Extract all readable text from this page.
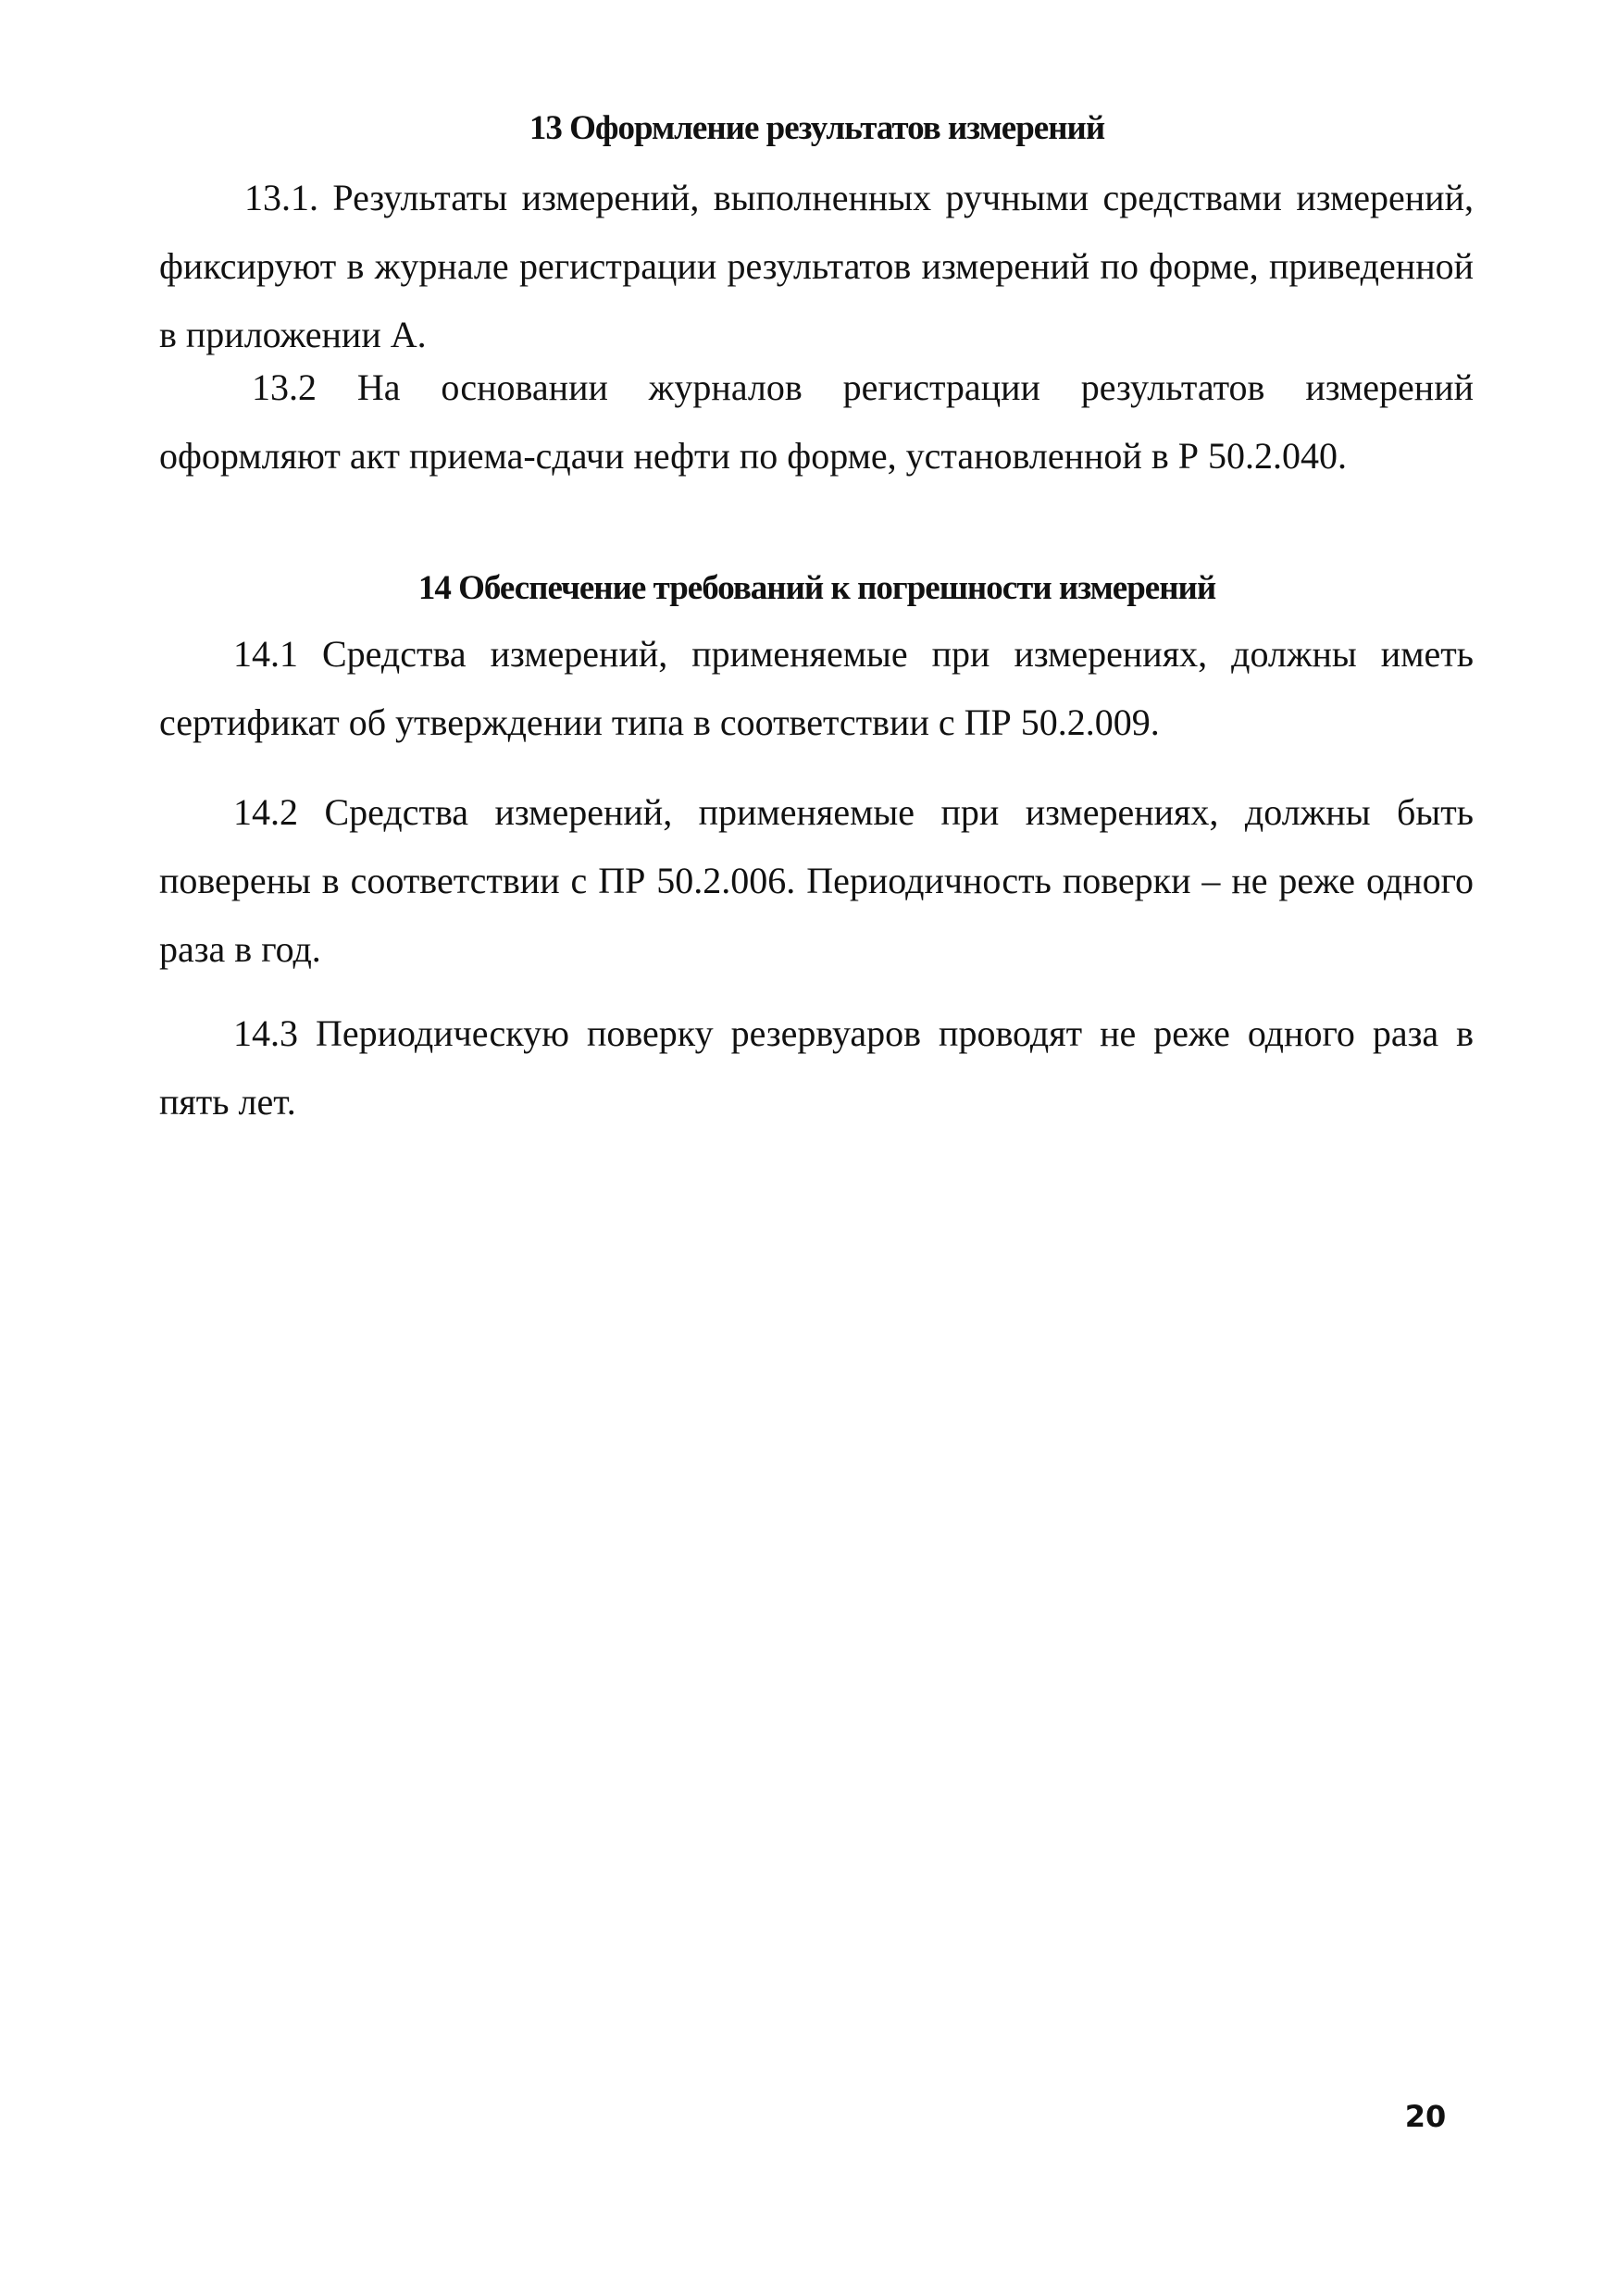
13 Оформление результатов измерений

13.1. Результаты измерений, выполненных ручными средствами измерений, фиксируют в журнале регистрации результатов измерений по форме, приведенной в приложении А.

13.2 На основании журналов регистрации результатов измерений оформляют акт приема-сдачи нефти по форме, установленной в Р 50.2.040.

14 Обеспечение требований к погрешности измерений

14.1 Средства измерений, применяемые при измерениях, должны иметь сертификат об утверждении типа в соответствии с ПР 50.2.009.

14.2 Средства измерений, применяемые при измерениях, должны быть поверены в соответствии с ПР 50.2.006. Периодичность поверки – не реже одного раза в год.

14.3 Периодическую поверку резервуаров проводят не реже одного раза в пять лет.

20
